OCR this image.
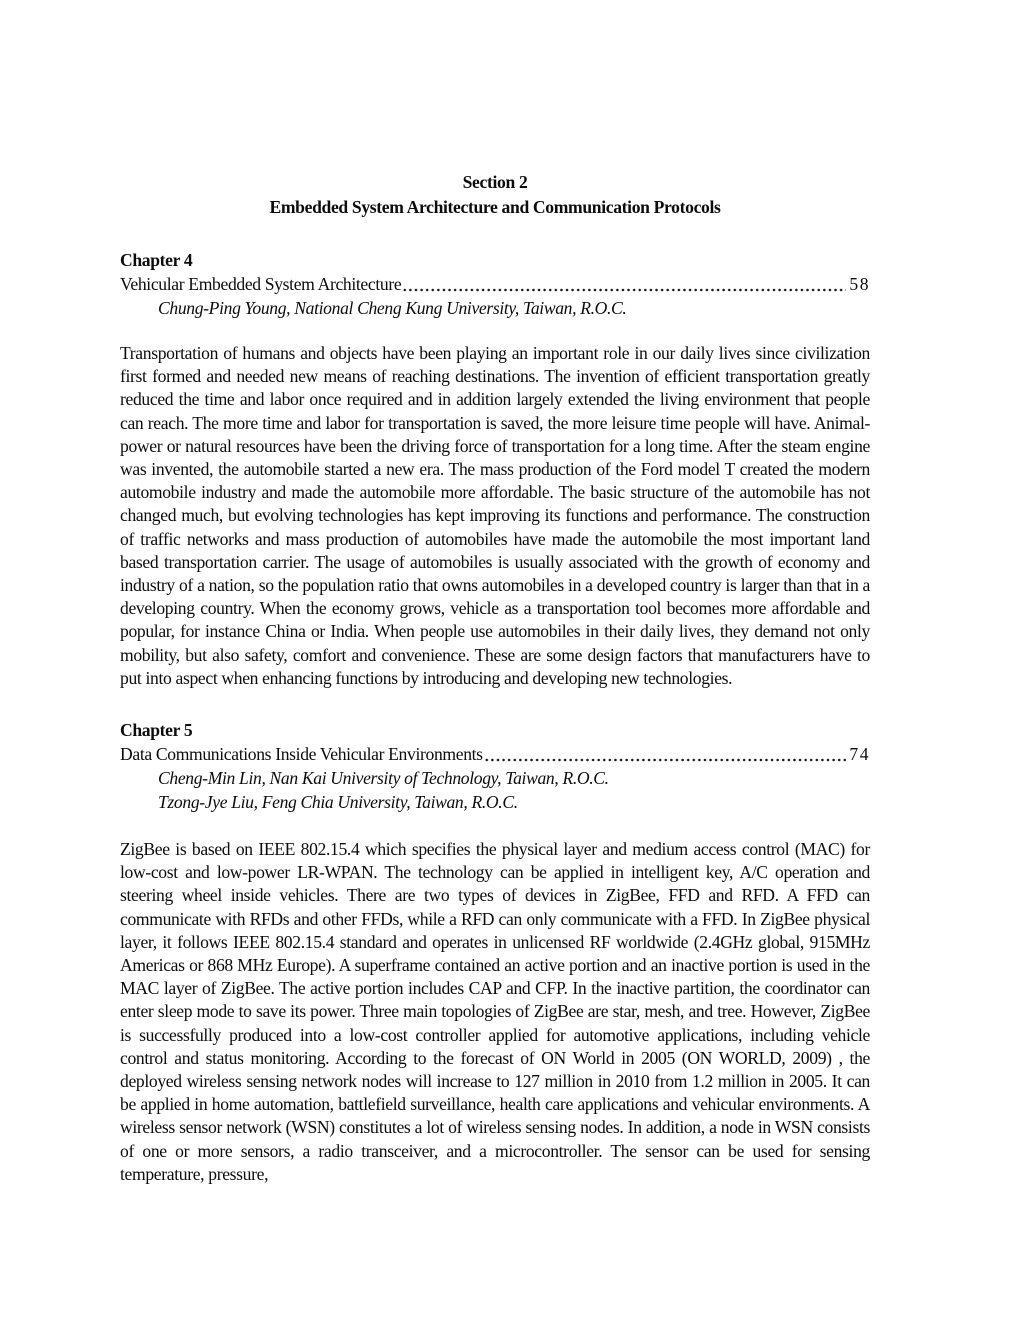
Section 2
Embedded System Architecture and Communication Protocols
Chapter 4
Vehicular Embedded System Architecture	58
Chung-Ping Young, National Cheng Kung University, Taiwan, R.O.C.

Transportation of humans and objects have been playing an important role in our daily lives since civilization first formed and needed new means of reaching destinations. The invention of efficient transportation greatly reduced the time and labor once required and in addition largely extended the living environment that people can reach. The more time and labor for transportation is saved, the more leisure time people will have. Animal-power or natural resources have been the driving force of transportation for a long time. After the steam engine was invented, the automobile started a new era. The mass production of the Ford model T created the modern automobile industry and made the automobile more affordable. The basic structure of the automobile has not changed much, but evolving technologies has kept improving its functions and performance. The construction of traffic networks and mass production of automobiles have made the automobile the most important land based transportation carrier. The usage of automobiles is usually associated with the growth of economy and industry of a nation, so the population ratio that owns automobiles in a developed country is larger than that in a developing country. When the economy grows, vehicle as a transportation tool becomes more affordable and popular, for instance China or India. When people use automobiles in their daily lives, they demand not only mobility, but also safety, comfort and convenience. These are some design factors that manufacturers have to put into aspect when enhancing functions by introducing and developing new technologies.

Chapter 5
Data Communications Inside Vehicular Environments	74
Cheng-Min Lin, Nan Kai University of Technology, Taiwan, R.O.C.
Tzong-Jye Liu, Feng Chia University, Taiwan, R.O.C.

ZigBee is based on IEEE 802.15.4 which specifies the physical layer and medium access control (MAC) for low-cost and low-power LR-WPAN. The technology can be applied in intelligent key, A/C operation and steering wheel inside vehicles. There are two types of devices in ZigBee, FFD and RFD. A FFD can communicate with RFDs and other FFDs, while a RFD can only communicate with a FFD. In ZigBee physical layer, it follows IEEE 802.15.4 standard and operates in unlicensed RF worldwide (2.4GHz global, 915MHz Americas or 868 MHz Europe). A superframe contained an active portion and an inactive portion is used in the MAC layer of ZigBee. The active portion includes CAP and CFP. In the inactive partition, the coordinator can enter sleep mode to save its power. Three main topologies of ZigBee are star, mesh, and tree. However, ZigBee is successfully produced into a low-cost controller applied for automotive applications, including vehicle control and status monitoring. According to the forecast of ON World in 2005 (ON WORLD, 2009) , the deployed wireless sensing network nodes will increase to 127 million in 2010 from 1.2 million in 2005. It can be applied in home automation, battlefield surveillance, health care applications and vehicular environments. A wireless sensor network (WSN) constitutes a lot of wireless sensing nodes. In addition, a node in WSN consists of one or more sensors, a radio transceiver, and a microcontroller. The sensor can be used for sensing temperature, pressure,
